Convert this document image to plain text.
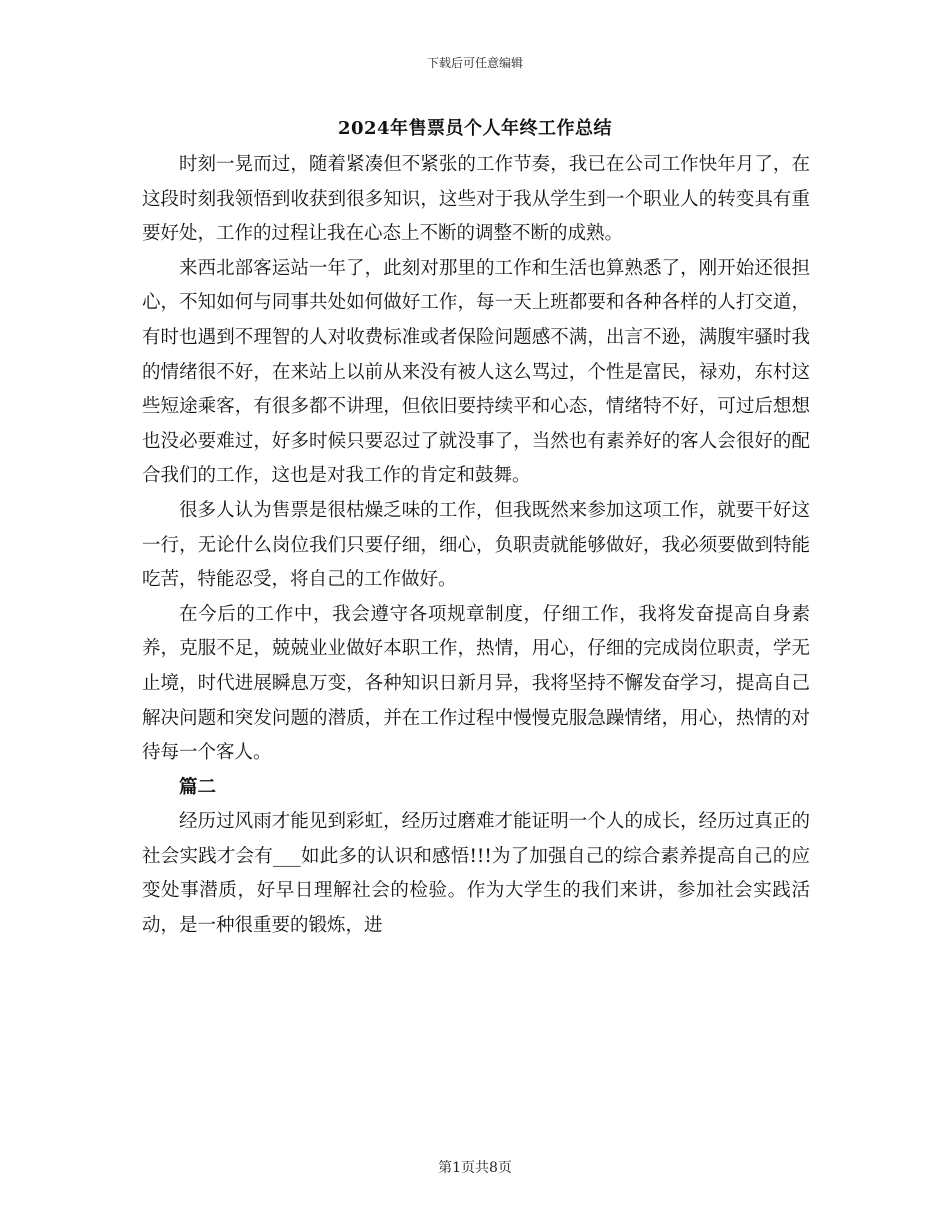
下载后可任意编辑
2024年售票员个人年终工作总结

时刻一晃而过，随着紧凑但不紧张的工作节奏，我已在公司工作快年月了，在这段时刻我领悟到收获到很多知识，这些对于我从学生到一个职业人的转变具有重要好处，工作的过程让我在心态上不断的调整不断的成熟。

来西北部客运站一年了，此刻对那里的工作和生活也算熟悉了，刚开始还很担心，不知如何与同事共处如何做好工作，每一天上班都要和各种各样的人打交道，有时也遇到不理智的人对收费标准或者保险问题感不满，出言不逊，满腹牢骚时我的情绪很不好，在来站上以前从来没有被人这么骂过，个性是富民，禄劝，东村这些短途乘客，有很多都不讲理，但依旧要持续平和心态，情绪特不好，可过后想想也没必要难过，好多时候只要忍过了就没事了，当然也有素养好的客人会很好的配合我们的工作，这也是对我工作的肯定和鼓舞。

很多人认为售票是很枯燥乏味的工作，但我既然来参加这项工作，就要干好这一行，无论什么岗位我们只要仔细，细心，负职责就能够做好，我必须要做到特能吃苦，特能忍受，将自己的工作做好。

在今后的工作中，我会遵守各项规章制度，仔细工作，我将发奋提高自身素养，克服不足，兢兢业业做好本职工作，热情，用心，仔细的完成岗位职责，学无止境，时代进展瞬息万变，各种知识日新月异，我将坚持不懈发奋学习，提高自己解决问题和突发问题的潜质，并在工作过程中慢慢克服急躁情绪，用心，热情的对待每一个客人。

篇二

经历过风雨才能见到彩虹，经历过磨难才能证明一个人的成长，经历过真正的社会实践才会有___如此多的认识和感悟!!!为了加强自己的综合素养提高自己的应变处事潜质，好早日理解社会的检验。作为大学生的我们来讲，参加社会实践活动，是一种很重要的锻炼，进

第1页共8页
